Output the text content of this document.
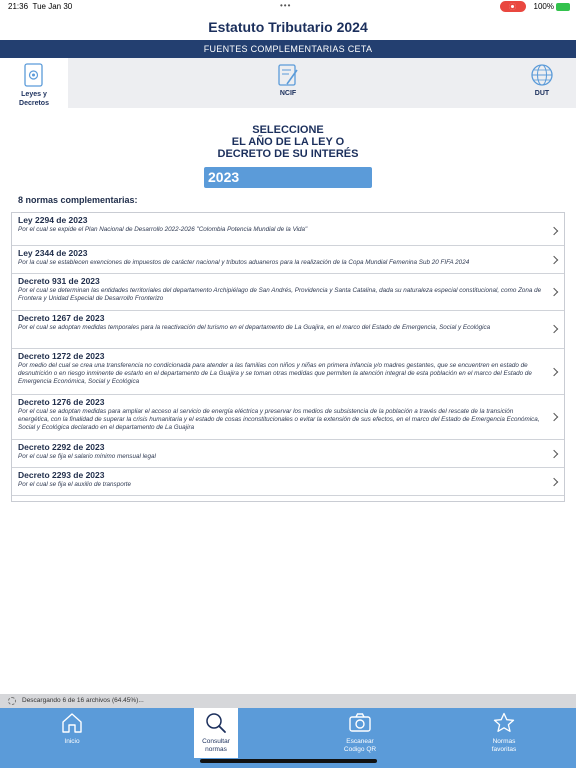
21:36 Tue Jan 30	•••	100%
Estatuto Tributario 2024
FUENTES COMPLEMENTARIAS CETA
Leyes y
Decretos
NCIF	DUT
SELECCIONE
EL AÑO DE LA LEY O
DECRETO DE SU INTERÉS
2023
8 normas complementarias:
Ley 2294 de 2023
Por el cual se expide el Plan Nacional de Desarrollo 2022-2026 "Colombia Potencia Mundial de la Vida"
Ley 2344 de 2023
Por la cual se establecen exenciones de impuestos de carácter nacional y tributos aduaneros para la realización de la Copa Mundial Femenina Sub 20 FIFA 2024
Decreto 931 de 2023
Por el cual se determinan las entidades territoriales del departamento Archipiélago de San Andrés, Providencia y Santa Catalina, dada su naturaleza especial constitucional, como Zona de Frontera y Unidad Especial de Desarrollo Fronterizo
Decreto 1267 de 2023
Por el cual se adoptan medidas temporales para la reactivación del turismo en el departamento de La Guajira, en el marco del Estado de Emergencia, Social y Ecológica
Decreto 1272 de 2023
Por medio del cual se crea una transferencia no condicionada para atender a las familias con niños y niñas en primera infancia y/o madres gestantes, que se encuentren en estado de desnutrición o en riesgo inminente de estarlo en el departamento de La Guajira y se toman otras medidas que permiten la atención integral de esta población en el marco del Estado de Emergencia Económica, Social y Ecológica
Decreto 1276 de 2023
Por el cual se adoptan medidas para ampliar el acceso al servicio de energía eléctrica y preservar los medios de subsistencia de la población a través del rescate de la transición energética, con la finalidad de superar la crisis humanitaria y el estado de cosas inconstitucionales o evitar la extensión de sus efectos, en el marco del Estado de Emergencia Económica, Social y Ecológica declarado en el departamento de La Guajira
Decreto 2292 de 2023
Por el cual se fija el salario mínimo mensual legal
Decreto 2293 de 2023
Por el cual se fija el auxilio de transporte
Descargando 6 de 16 archivos (64.45%)...
Inicio	Consultar normas
Escanear Codigo QR
Normas favoritas
